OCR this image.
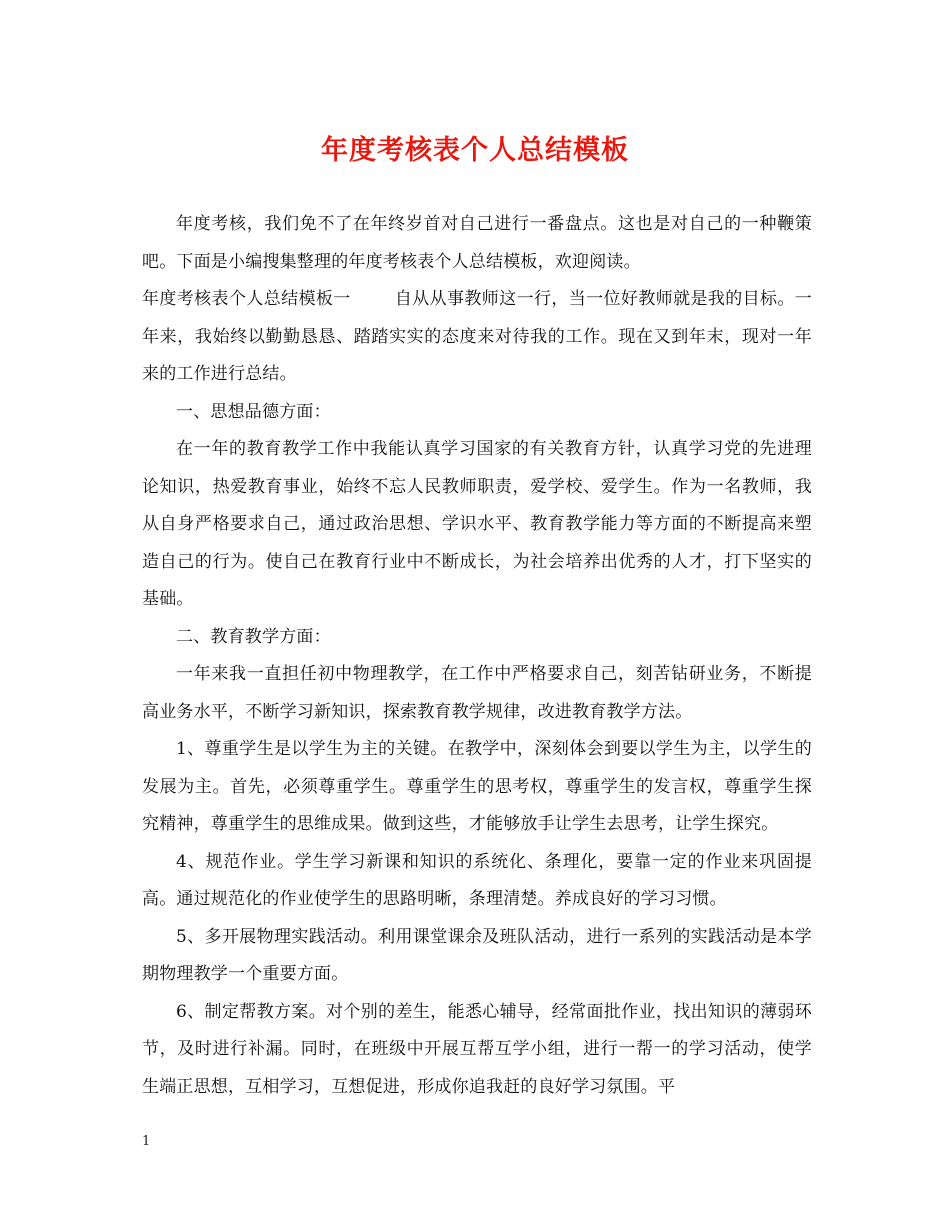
年度考核表个人总结模板

年度考核，我们免不了在年终岁首对自己进行一番盘点。这也是对自己的一种鞭策吧。下面是小编搜集整理的年度考核表个人总结模板，欢迎阅读。

年度考核表个人总结模板一	自从从事教师这一行，当一位好教师就是我的目标。一年来，我始终以勤勤恳恳、踏踏实实的态度来对待我的工作。现在又到年末，现对一年来的工作进行总结。

一、思想品德方面：

在一年的教育教学工作中我能认真学习国家的有关教育方针，认真学习党的先进理论知识，热爱教育事业，始终不忘人民教师职责，爱学校、爱学生。作为一名教师，我从自身严格要求自己，通过政治思想、学识水平、教育教学能力等方面的不断提高来塑造自己的行为。使自己在教育行业中不断成长，为社会培养出优秀的人才，打下坚实的基础。

二、教育教学方面：

一年来我一直担任初中物理教学，在工作中严格要求自己，刻苦钻研业务，不断提高业务水平，不断学习新知识，探索教育教学规律，改进教育教学方法。

1、尊重学生是以学生为主的关键。在教学中，深刻体会到要以学生为主，以学生的发展为主。首先，必须尊重学生。尊重学生的思考权，尊重学生的发言权，尊重学生探究精神，尊重学生的思维成果。做到这些，才能够放手让学生去思考，让学生探究。

4、规范作业。学生学习新课和知识的系统化、条理化，要靠一定的作业来巩固提高。通过规范化的作业使学生的思路明晰，条理清楚。养成良好的学习习惯。

5、多开展物理实践活动。利用课堂课余及班队活动，进行一系列的实践活动是本学期物理教学一个重要方面。

6、制定帮教方案。对个别的差生，能悉心辅导，经常面批作业，找出知识的薄弱环节，及时进行补漏。同时，在班级中开展互帮互学小组，进行一帮一的学习活动，使学生端正思想，互相学习，互想促进，形成你追我赶的良好学习氛围。平

1
